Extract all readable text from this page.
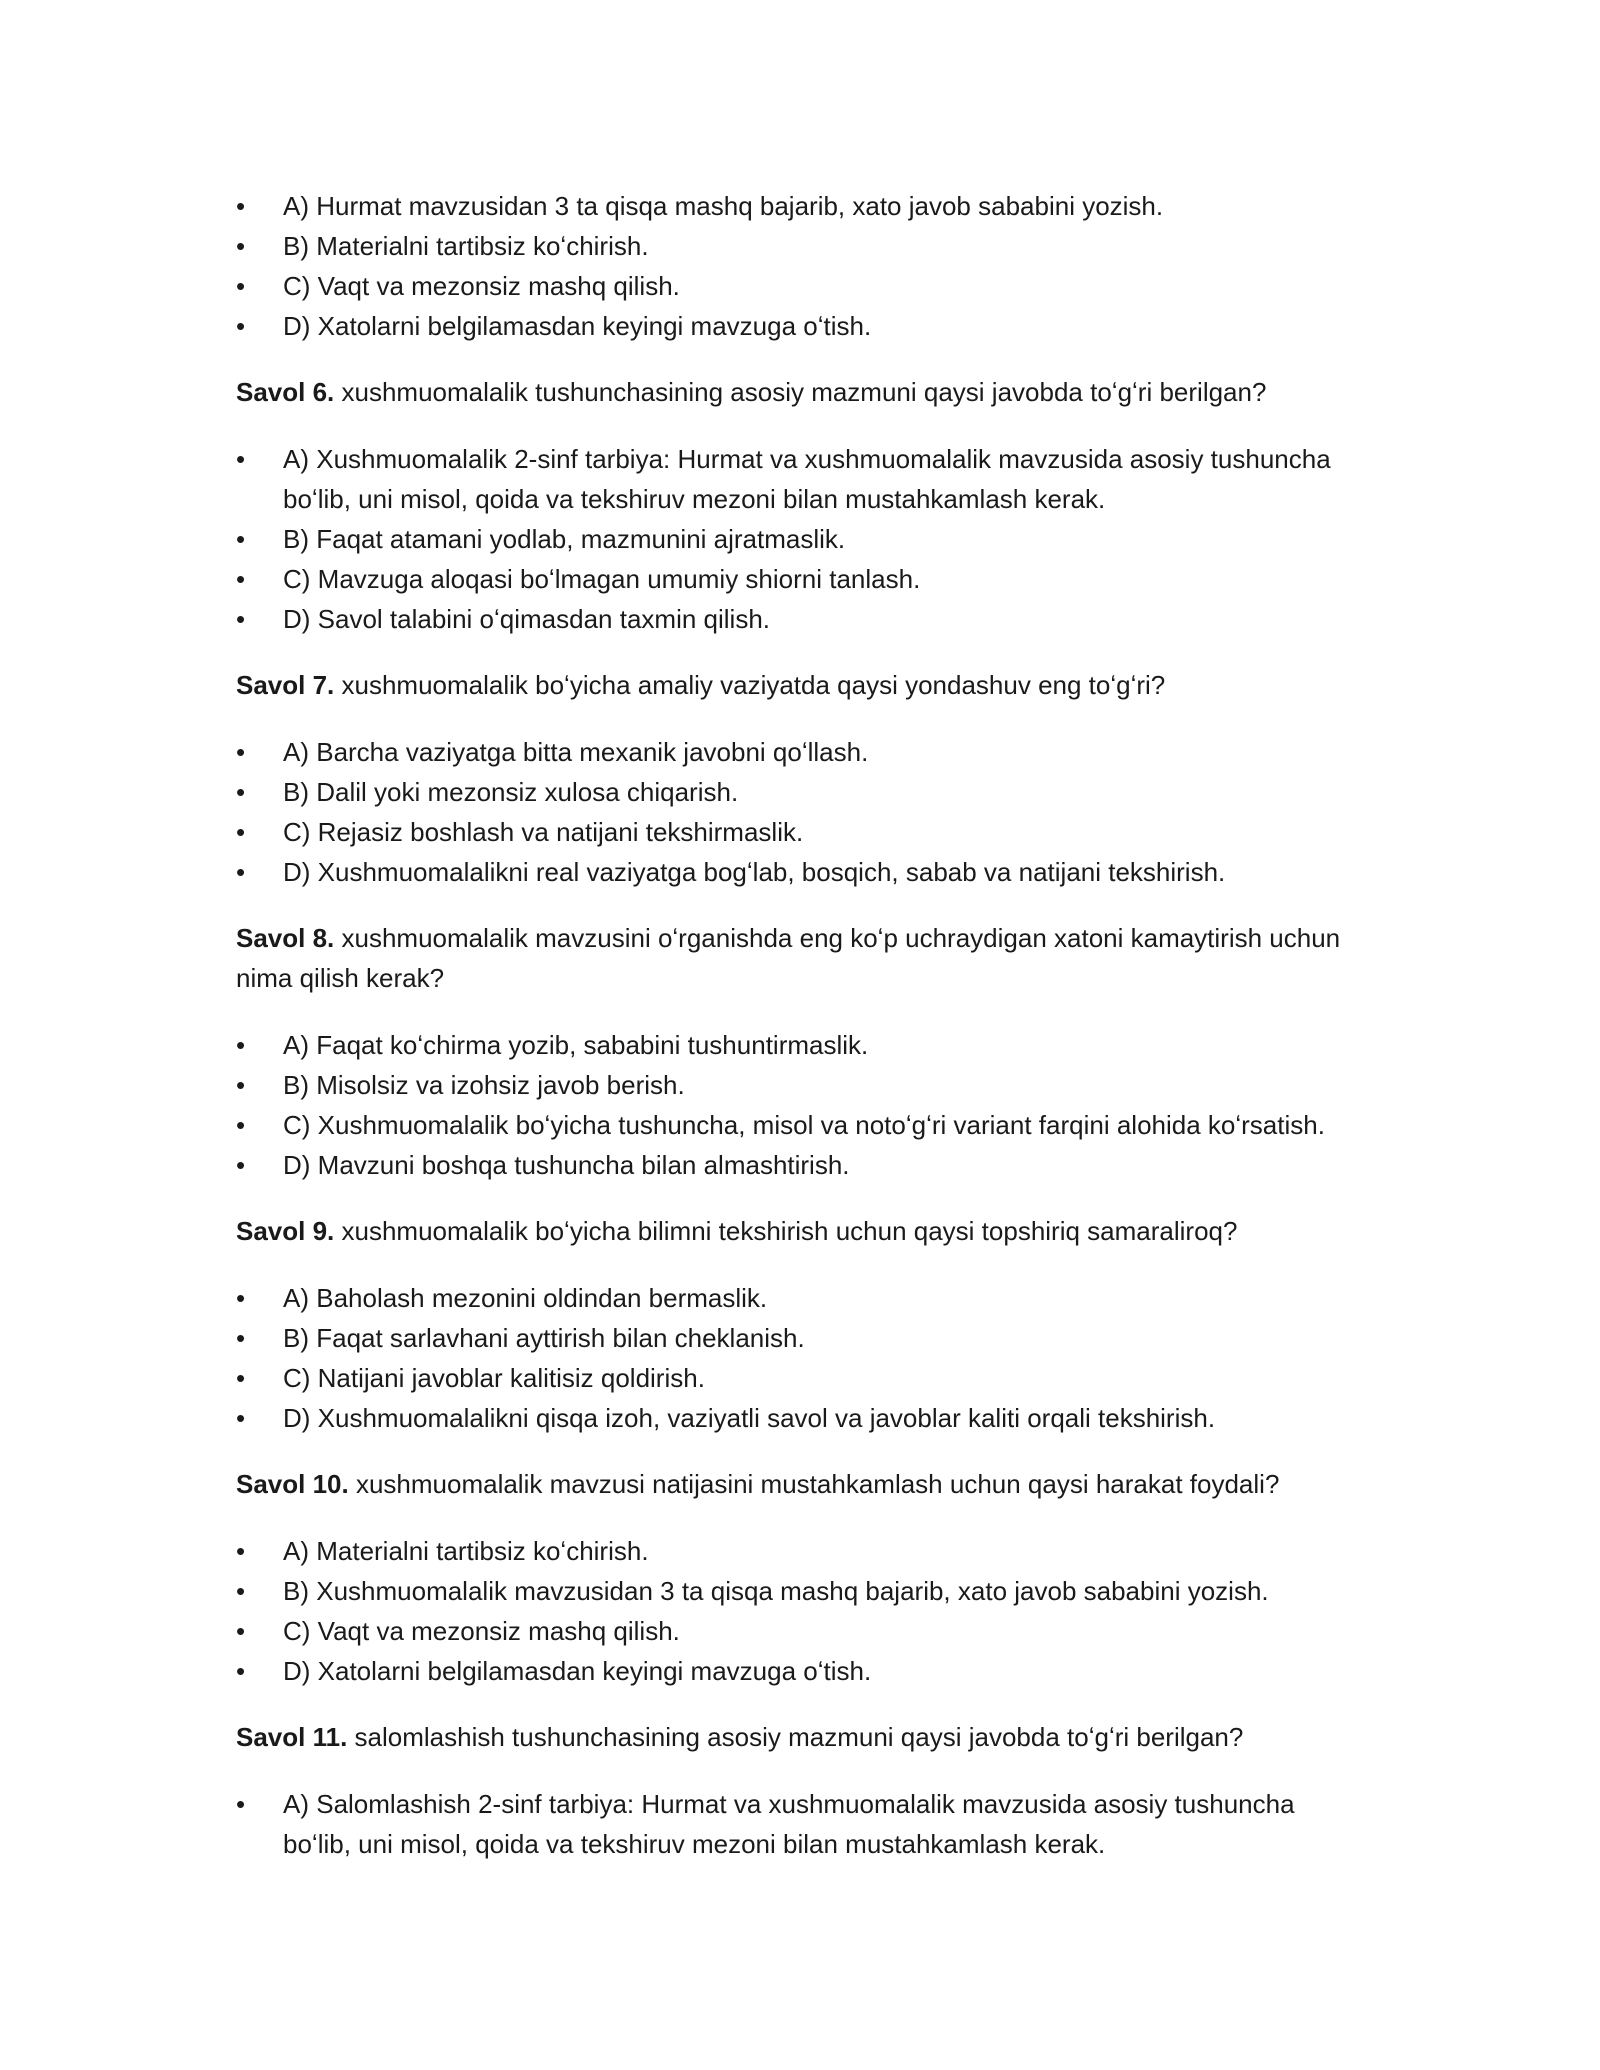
•	A) Hurmat mavzusidan 3 ta qisqa mashq bajarib, xato javob sababini yozish.
•	B) Materialni tartibsiz koʻchirish.
•	C) Vaqt va mezonsiz mashq qilish.
•	D) Xatolarni belgilamasdan keyingi mavzuga oʻtish.

Savol 6. xushmuomalalik tushunchasining asosiy mazmuni qaysi javobda toʻgʻri berilgan?

•	A) Xushmuomalalik 2-sinf tarbiya: Hurmat va xushmuomalalik mavzusida asosiy tushuncha boʻlib, uni misol, qoida va tekshiruv mezoni bilan mustahkamlash kerak.
•	B) Faqat atamani yodlab, mazmunini ajratmaslik.
•	C) Mavzuga aloqasi boʻlmagan umumiy shiorni tanlash.
•	D) Savol talabini oʻqimasdan taxmin qilish.

Savol 7. xushmuomalalik boʻyicha amaliy vaziyatda qaysi yondashuv eng toʻgʻri?

•	A) Barcha vaziyatga bitta mexanik javobni qoʻllash.
•	B) Dalil yoki mezonsiz xulosa chiqarish.
•	C) Rejasiz boshlash va natijani tekshirmaslik.
•	D) Xushmuomalalikni real vaziyatga bogʻlab, bosqich, sabab va natijani tekshirish.

Savol 8. xushmuomalalik mavzusini oʻrganishda eng koʻp uchraydigan xatoni kamaytirish uchun nima qilish kerak?

•	A) Faqat koʻchirma yozib, sababini tushuntirmaslik.
•	B) Misolsiz va izohsiz javob berish.
•	C) Xushmuomalalik boʻyicha tushuncha, misol va notoʻgʻri variant farqini alohida koʻrsatish.
•	D) Mavzuni boshqa tushuncha bilan almashtirish.

Savol 9. xushmuomalalik boʻyicha bilimni tekshirish uchun qaysi topshiriq samaraliroq?

•	A) Baholash mezonini oldindan bermaslik.
•	B) Faqat sarlavhani ayttirish bilan cheklanish.
•	C) Natijani javoblar kalitisiz qoldirish.
•	D) Xushmuomalalikni qisqa izoh, vaziyatli savol va javoblar kaliti orqali tekshirish.

Savol 10. xushmuomalalik mavzusi natijasini mustahkamlash uchun qaysi harakat foydali?

•	A) Materialni tartibsiz koʻchirish.
•	B) Xushmuomalalik mavzusidan 3 ta qisqa mashq bajarib, xato javob sababini yozish.
•	C) Vaqt va mezonsiz mashq qilish.
•	D) Xatolarni belgilamasdan keyingi mavzuga oʻtish.

Savol 11. salomlashish tushunchasining asosiy mazmuni qaysi javobda toʻgʻri berilgan?

•	A) Salomlashish 2-sinf tarbiya: Hurmat va xushmuomalalik mavzusida asosiy tushuncha boʻlib, uni misol, qoida va tekshiruv mezoni bilan mustahkamlash kerak.
